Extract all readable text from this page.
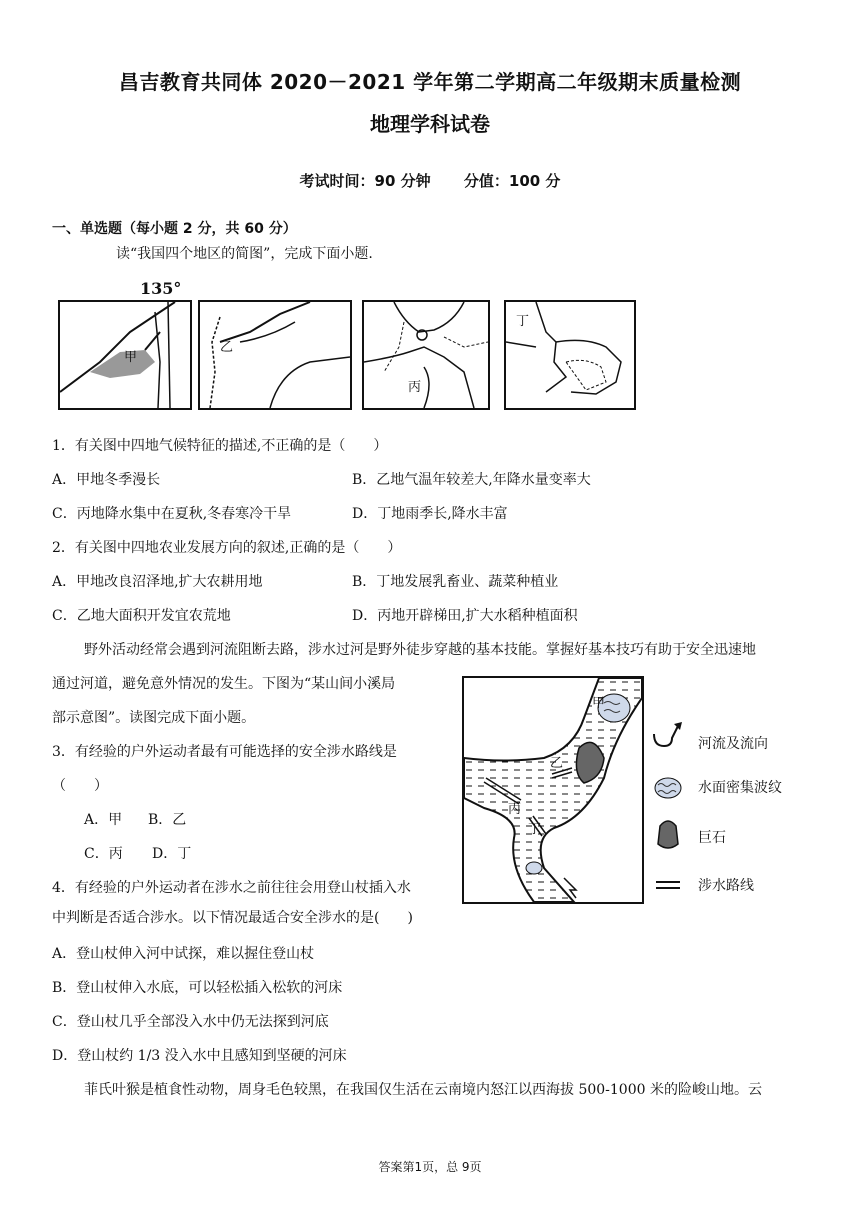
昌吉教育共同体 2020－2021 学年第二学期高二年级期末质量检测
地理学科试卷
考试时间：90 分钟 分值：100 分
一、单选题（每小题 2 分，共 60 分）
读“我国四个地区的简图”，完成下面小题.
135°
甲
乙
丙
丁
1．有关图中四地气候特征的描述,不正确的是（　　）
A．甲地冬季漫长	B．乙地气温年较差大,年降水量变率大
C．丙地降水集中在夏秋,冬春寒冷干旱	D．丁地雨季长,降水丰富
2．有关图中四地农业发展方向的叙述,正确的是（　　）
A．甲地改良沼泽地,扩大农耕用地	B．丁地发展乳畜业、蔬菜种植业
C．乙地大面积开发宜农荒地	D．丙地开辟梯田,扩大水稻种植面积
野外活动经常会遇到河流阻断去路，涉水过河是野外徒步穿越的基本技能。掌握好基本技巧有助于安全迅速地
通过河道，避免意外情况的发生。下图为“某山间小溪局
部示意图”。读图完成下面小题。
甲
乙
丙
丁
河流及流向
水面密集波纹
巨石
涉水路线
3．有经验的户外运动者最有可能选择的安全涉水路线是
（　　）
A．甲 B．乙
C．丙 D．丁
4．有经验的户外运动者在涉水之前往往会用登山杖插入水
中判断是否适合涉水。以下情况最适合安全涉水的是(　　)
A．登山杖伸入河中试探，难以握住登山杖
B．登山杖伸入水底，可以轻松插入松软的河床
C．登山杖几乎全部没入水中仍无法探到河底
D．登山杖约 1/3 没入水中且感知到坚硬的河床
菲氏叶猴是植食性动物，周身毛色较黑，在我国仅生活在云南境内怒江以西海拔 500-1000 米的险峻山地。云
答案第1页，总 9页
